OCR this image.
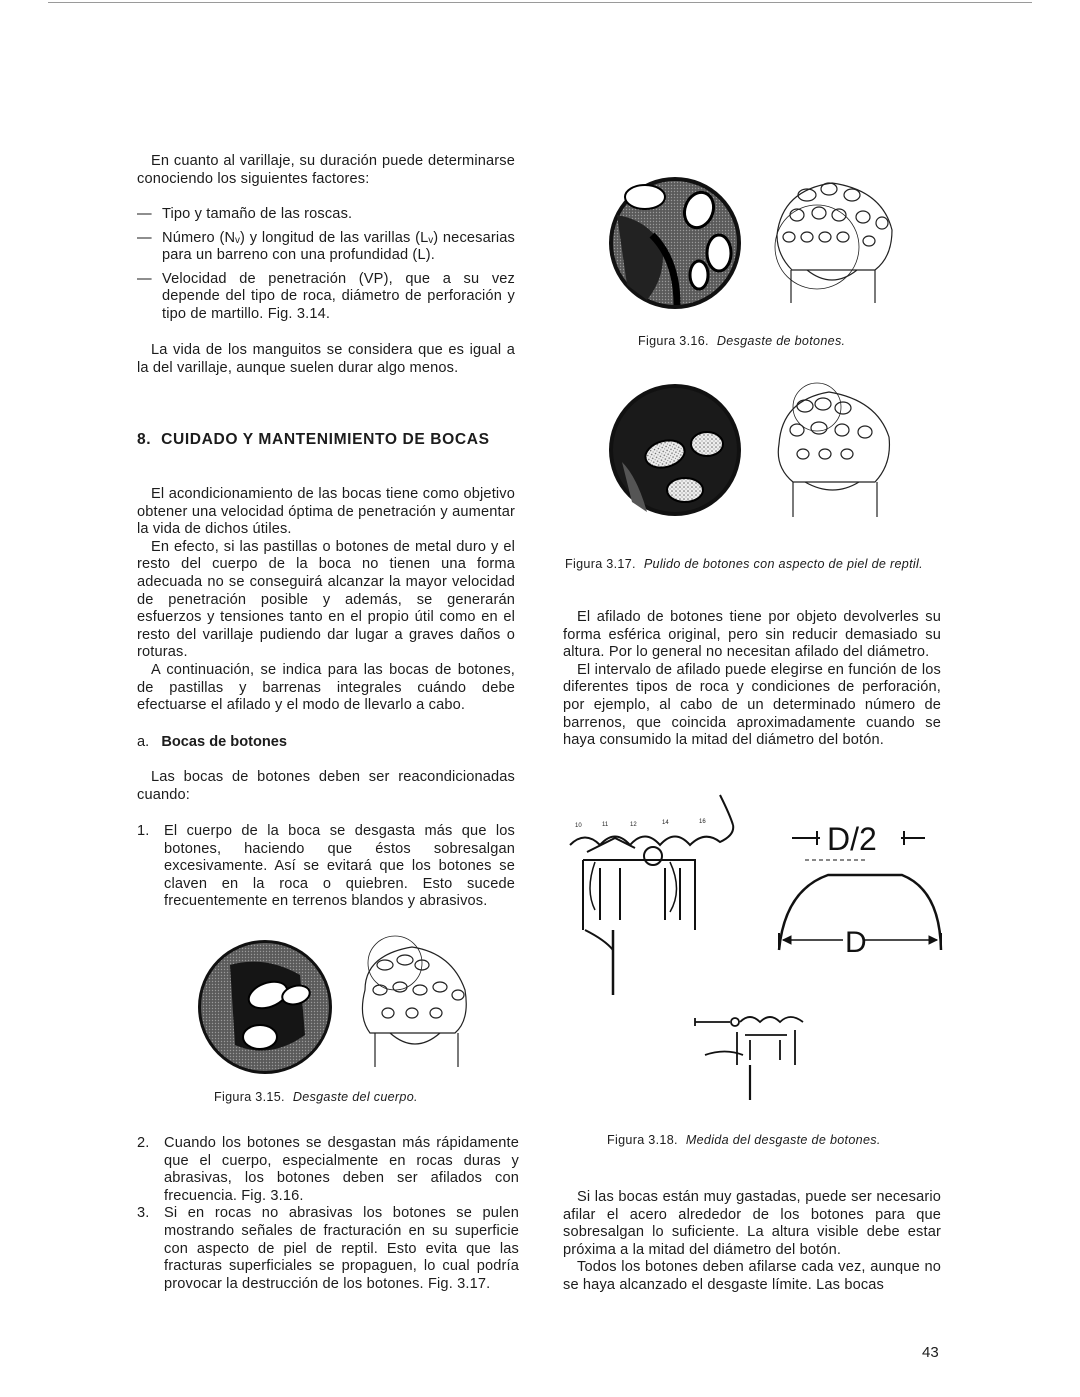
En cuanto al varillaje, su duración puede determinarse conociendo los siguientes factores:

— Tipo y tamaño de las roscas.
— Número (Nᵥ) y longitud de las varillas (Lᵥ) necesarias para un barreno con una profundidad (L).
— Velocidad de penetración (VP), que a su vez depende del tipo de roca, diámetro de perforación y tipo de martillo. Fig. 3.14.

La vida de los manguitos se considera que es igual a la del varillaje, aunque suelen durar algo menos.

8. CUIDADO Y MANTENIMIENTO DE BOCAS

El acondicionamiento de las bocas tiene como objetivo obtener una velocidad óptima de penetración y aumentar la vida de dichos útiles.

En efecto, si las pastillas o botones de metal duro y el resto del cuerpo de la boca no tienen una forma adecuada no se conseguirá alcanzar la mayor velocidad de penetración posible y además, se generarán esfuerzos y tensiones tanto en el propio útil como en el resto del varillaje pudiendo dar lugar a graves daños o roturas.

A continuación, se indica para las bocas de botones, de pastillas y barrenas integrales cuándo debe efectuarse el afilado y el modo de llevarlo a cabo.

a. Bocas de botones

Las bocas de botones deben ser reacondicionadas cuando:

1. El cuerpo de la boca se desgasta más que los botones, haciendo que éstos sobresalgan excesivamente. Así se evitará que los botones se claven en la roca o quiebren. Esto sucede frecuentemente en terrenos blandos y abrasivos.
Figura 3.15. Desgaste del cuerpo.
2. Cuando los botones se desgastan más rápidamente que el cuerpo, especialmente en rocas duras y abrasivas, los botones deben ser afilados con frecuencia. Fig. 3.16.
3. Si en rocas no abrasivas los botones se pulen mostrando señales de fracturación en su superficie con aspecto de piel de reptil. Esto evita que las fracturas superficiales se propaguen, lo cual podría provocar la destrucción de los botones. Fig. 3.17.
Figura 3.16. Desgaste de botones.
Figura 3.17. Pulido de botones con aspecto de piel de reptil.

El afilado de botones tiene por objeto devolverles su forma esférica original, pero sin reducir demasiado su altura. Por lo general no necesitan afilado del diámetro.

El intervalo de afilado puede elegirse en función de los diferentes tipos de roca y condiciones de perforación, por ejemplo, al cabo de un determinado número de barrenos, que coincida aproximadamente cuando se haya consumido la mitad del diámetro del botón.

10	11	12	14	16	D/2
D
Figura 3.18. Medida del desgaste de botones.

Si las bocas están muy gastadas, puede ser necesario afilar el acero alrededor de los botones para que sobresalgan lo suficiente. La altura visible debe estar próxima a la mitad del diámetro del botón.

Todos los botones deben afilarse cada vez, aunque no se haya alcanzado el desgaste límite. Las bocas

43
